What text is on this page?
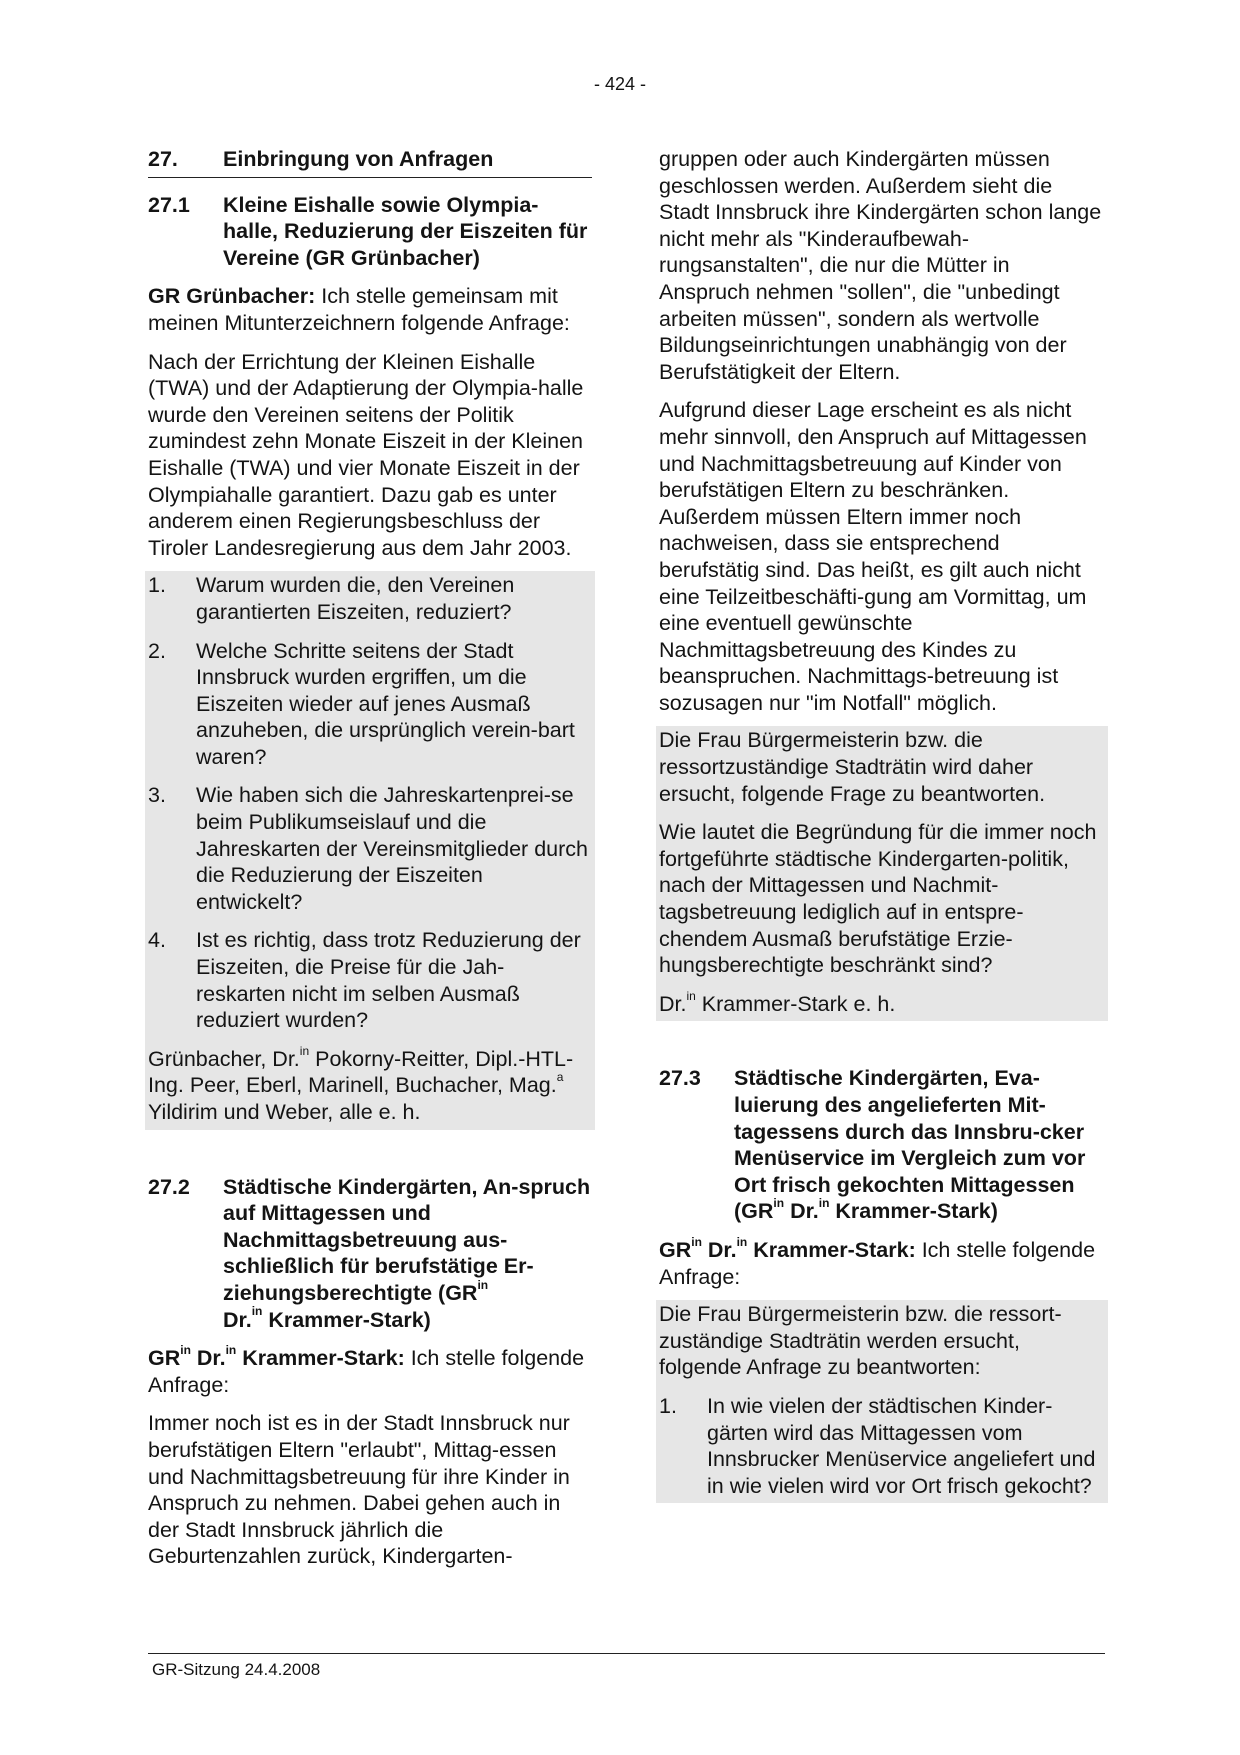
- 424 -
27.	Einbringung von Anfragen
27.1	Kleine Eishalle sowie Olympia-halle, Reduzierung der Eiszeiten für Vereine (GR Grünbacher)
GR Grünbacher: Ich stelle gemeinsam mit meinen Mitunterzeichnern folgende Anfrage:
Nach der Errichtung der Kleinen Eishalle (TWA) und der Adaptierung der Olympia-halle wurde den Vereinen seitens der Politik zumindest zehn Monate Eiszeit in der Kleinen Eishalle (TWA) und vier Monate Eiszeit in der Olympiahalle garantiert. Dazu gab es unter anderem einen Regierungsbeschluss der Tiroler Landesregierung aus dem Jahr 2003.
1.	Warum wurden die, den Vereinen garantierten Eiszeiten, reduziert?
2.	Welche Schritte seitens der Stadt Innsbruck wurden ergriffen, um die Eiszeiten wieder auf jenes Ausmaß anzuheben, die ursprünglich verein-bart waren?
3.	Wie haben sich die Jahreskartenprei-se beim Publikumseislauf und die Jahreskarten der Vereinsmitglieder durch die Reduzierung der Eiszeiten entwickelt?
4.	Ist es richtig, dass trotz Reduzierung der Eiszeiten, die Preise für die Jah-reskarten nicht im selben Ausmaß reduziert wurden?
Grünbacher, Dr.$^{in}$ Pokorny-Reitter, Dipl.-HTL-Ing. Peer, Eberl, Marinell, Buchacher, Mag.$^a$ Yildirim und Weber, alle e. h.
27.2	Städtische Kindergärten, An-spruch auf Mittagessen und Nachmittagsbetreuung aus-schließlich für berufstätige Er-ziehungsberechtigte ($GR^{in}$
Dr.$^{in}$ Krammer-Stark)
$GR^{in}$ Dr.$^{in}$ Krammer-Stark: Ich stelle folgende Anfrage:
Immer noch ist es in der Stadt Innsbruck nur berufstätigen Eltern "erlaubt", Mittag-essen und Nachmittagsbetreuung für ihre Kinder in Anspruch zu nehmen. Dabei gehen auch in der Stadt Innsbruck jährlich die Geburtenzahlen zurück, Kindergarten-
gruppen oder auch Kindergärten müssen geschlossen werden. Außerdem sieht die Stadt Innsbruck ihre Kindergärten schon lange nicht mehr als "Kinderaufbewah-rungsanstalten", die nur die Mütter in Anspruch nehmen "sollen", die "unbedingt arbeiten müssen", sondern als wertvolle Bildungseinrichtungen unabhängig von der Berufstätigkeit der Eltern.
Aufgrund dieser Lage erscheint es als nicht mehr sinnvoll, den Anspruch auf Mittagessen und Nachmittagsbetreuung auf Kinder von berufstätigen Eltern zu beschränken. Außerdem müssen Eltern immer noch nachweisen, dass sie entsprechend berufstätig sind. Das heißt, es gilt auch nicht eine Teilzeitbeschäfti-gung am Vormittag, um eine eventuell gewünschte Nachmittagsbetreuung des Kindes zu beanspruchen. Nachmittags-betreuung ist sozusagen nur "im Notfall" möglich.
Die Frau Bürgermeisterin bzw. die ressortzuständige Stadträtin wird daher ersucht, folgende Frage zu beantworten.
Wie lautet die Begründung für die immer noch fortgeführte städtische Kindergarten-politik, nach der Mittagessen und Nachmit-tagsbetreuung lediglich auf in entspre-chendem Ausmaß berufstätige Erzie-hungsberechtigte beschränkt sind?
Dr.$^{in}$ Krammer-Stark e. h.
27.3	Städtische Kindergärten, Eva-luierung des angelieferten Mit-tagessens durch das Innsbru-cker Menüservice im Vergleich zum vor Ort frisch gekochten Mittagessen ($GR^{in}$ Dr.$^{in}$ Krammer-Stark)
$GR^{in}$ Dr.$^{in}$ Krammer-Stark: Ich stelle folgende Anfrage:
Die Frau Bürgermeisterin bzw. die ressort-zuständige Stadträtin werden ersucht, folgende Anfrage zu beantworten:
1.	In wie vielen der städtischen Kinder-gärten wird das Mittagessen vom Innsbrucker Menüservice angeliefert und in wie vielen wird vor Ort frisch gekocht?
GR-Sitzung 24.4.2008
